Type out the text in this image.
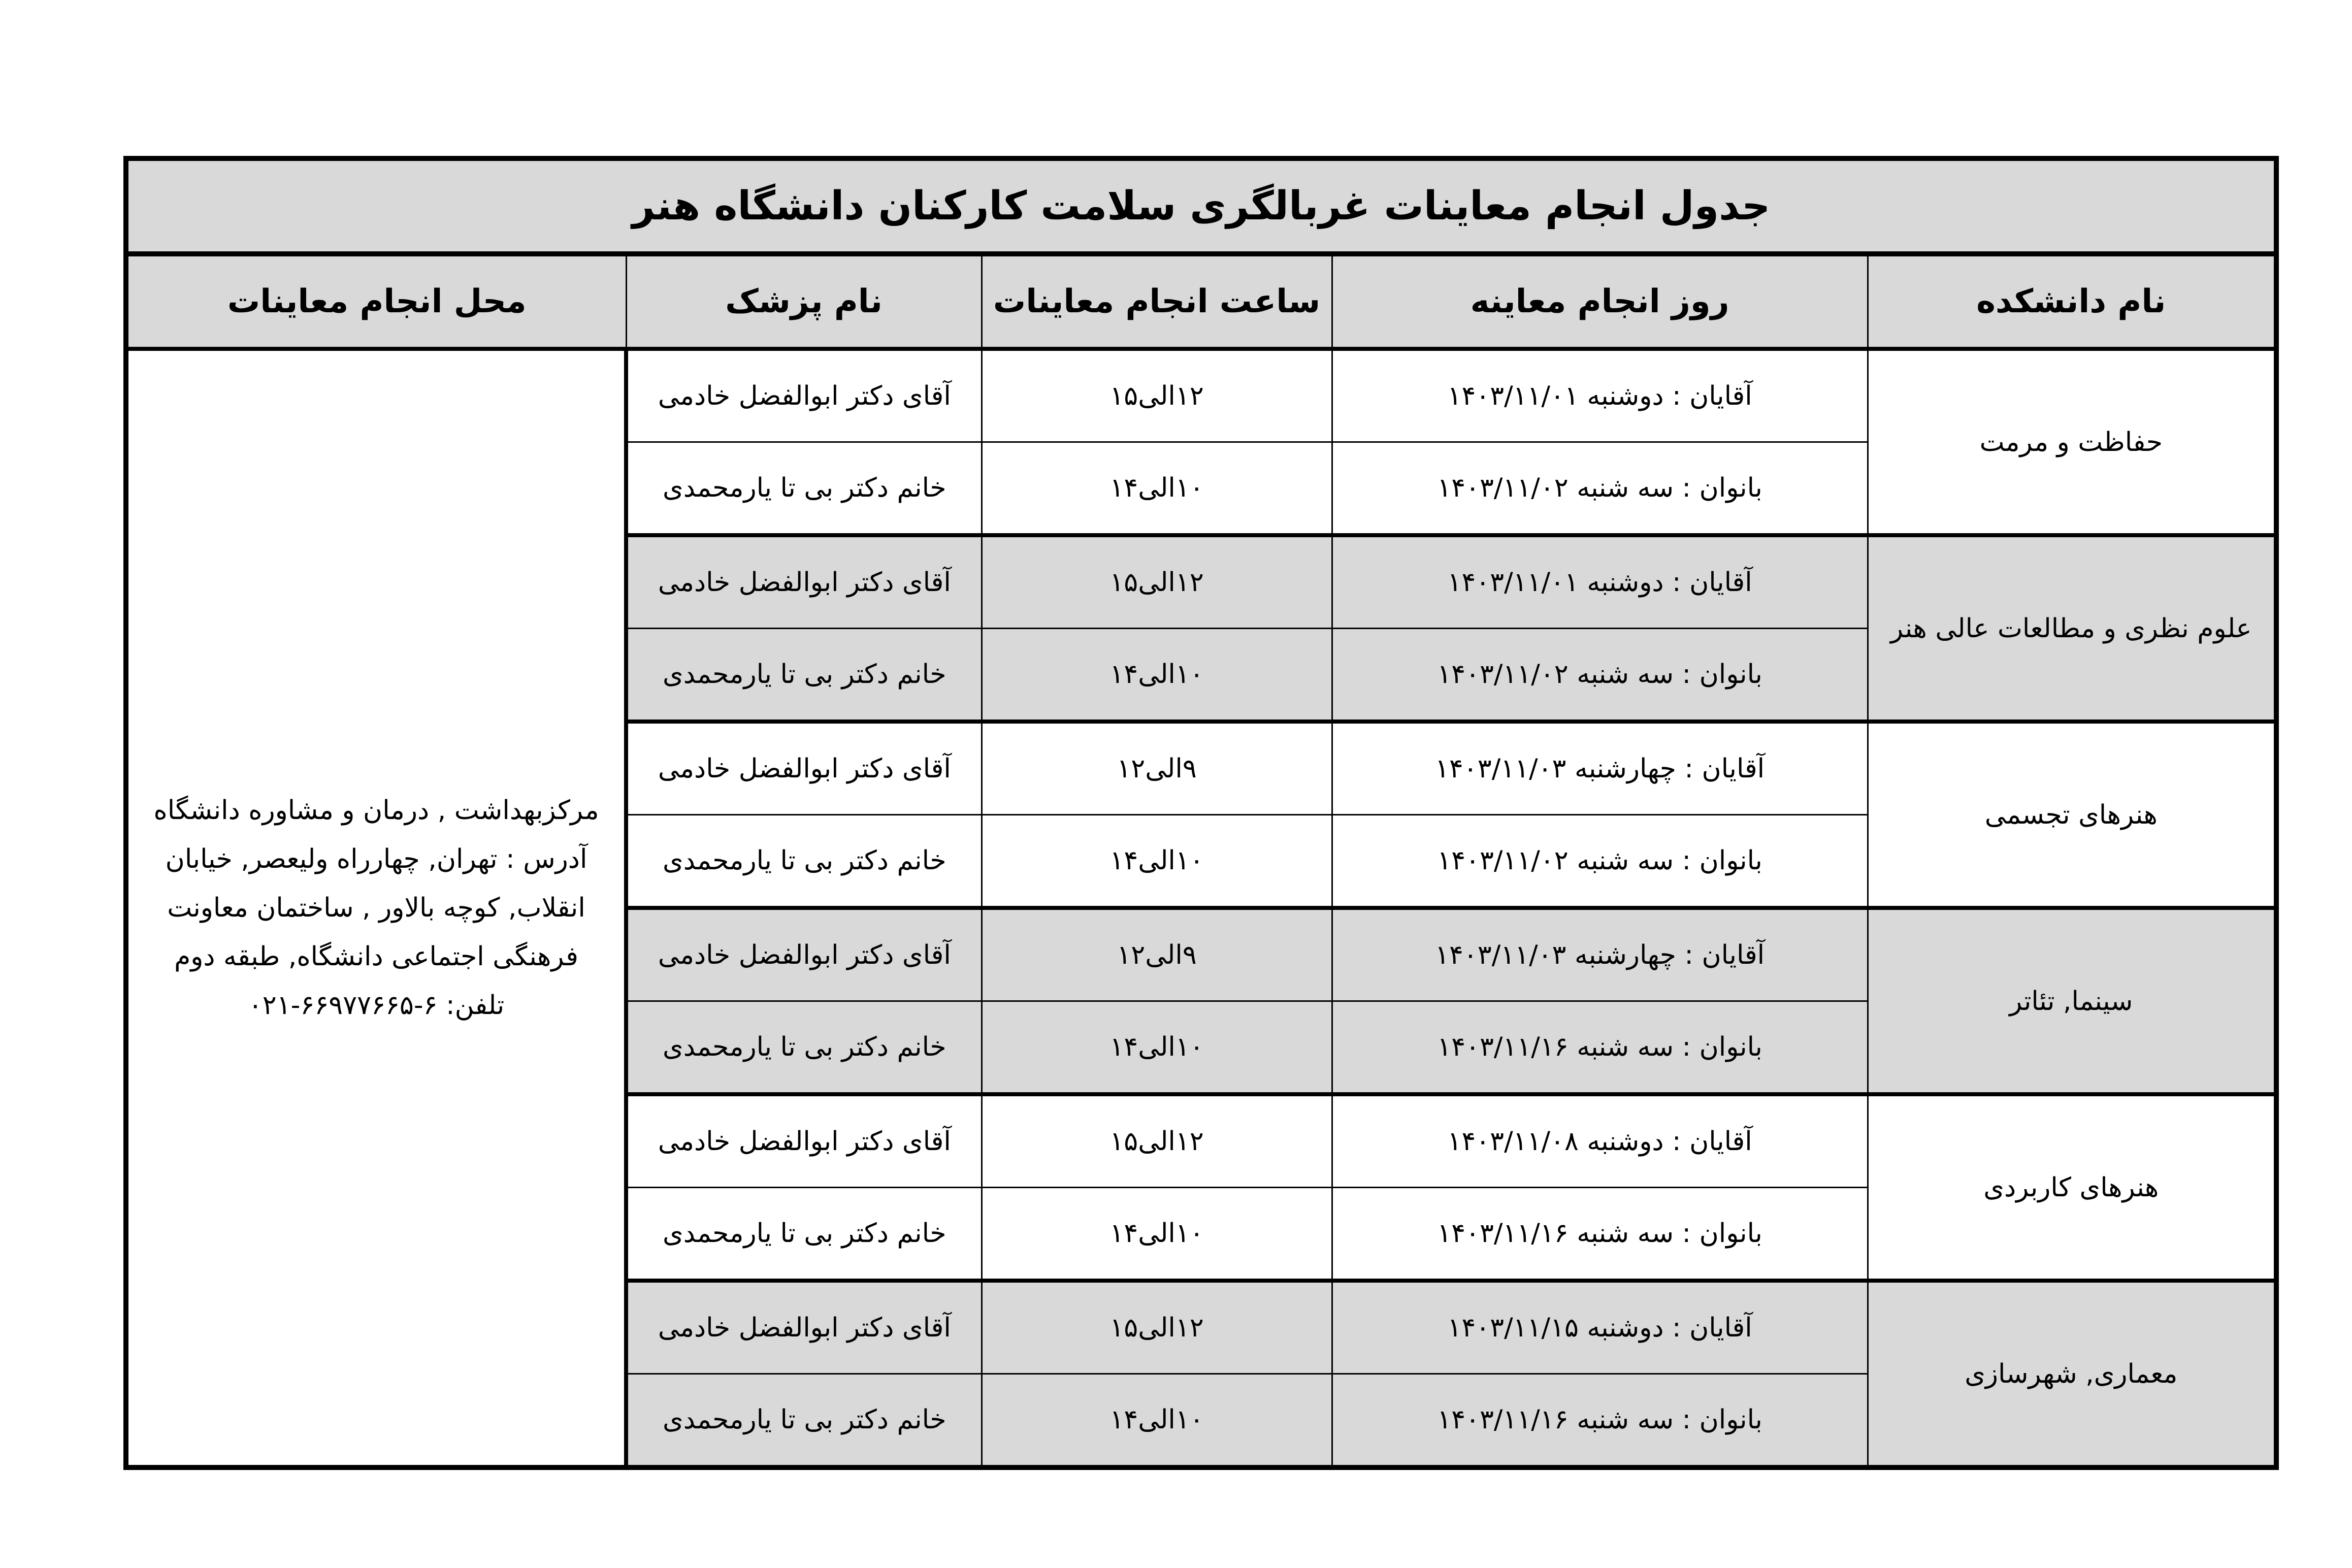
جدول انجام معاینات غربالگری سلامت کارکنان دانشگاه هنر				
نام دانشکده	روز انجام معاینه	ساعت انجام معاینات	نام پزشک	محل انجام معاینات
حفاظت و مرمت	آقایان : دوشنبه ۱۴۰۳/۱۱/۰۱	۱۲الی۱۵	آقای دکتر ابوالفضل خادمی	مرکزبهداشت , درمان و مشاوره دانشگاه
آدرس : تهران, چهارراه ولیعصر, خیابان
انقلاب, کوچه بالاور , ساختمان معاونت
فرهنگی اجتماعی دانشگاه, طبقه دوم
تلفن: ۶-۶۶۹۷۷۶۶۵-۰۲۱

	بانوان : سه شنبه ۱۴۰۳/۱۱/۰۲	۱۰الی۱۴	خانم دکتر بی تا یارمحمدی	
علوم نظری و مطالعات عالی هنر	آقایان : دوشنبه ۱۴۰۳/۱۱/۰۱	۱۲الی۱۵	آقای دکتر ابوالفضل خادمی	
	بانوان : سه شنبه ۱۴۰۳/۱۱/۰۲	۱۰الی۱۴	خانم دکتر بی تا یارمحمدی	
هنرهای تجسمی	آقایان : چهارشنبه ۱۴۰۳/۱۱/۰۳	۹الی۱۲	آقای دکتر ابوالفضل خادمی	
	بانوان : سه شنبه ۱۴۰۳/۱۱/۰۲	۱۰الی۱۴	خانم دکتر بی تا یارمحمدی	
سینما, تئاتر	آقایان : چهارشنبه ۱۴۰۳/۱۱/۰۳	۹الی۱۲	آقای دکتر ابوالفضل خادمی	
	بانوان : سه شنبه ۱۴۰۳/۱۱/۱۶	۱۰الی۱۴	خانم دکتر بی تا یارمحمدی	
هنرهای کاربردی	آقایان : دوشنبه ۱۴۰۳/۱۱/۰۸	۱۲الی۱۵	آقای دکتر ابوالفضل خادمی	
	بانوان : سه شنبه ۱۴۰۳/۱۱/۱۶	۱۰الی۱۴	خانم دکتر بی تا یارمحمدی	
معماری, شهرسازی	آقایان : دوشنبه ۱۴۰۳/۱۱/۱۵	۱۲الی۱۵	آقای دکتر ابوالفضل خادمی	
	بانوان : سه شنبه ۱۴۰۳/۱۱/۱۶	۱۰الی۱۴	خانم دکتر بی تا یارمحمدی	
